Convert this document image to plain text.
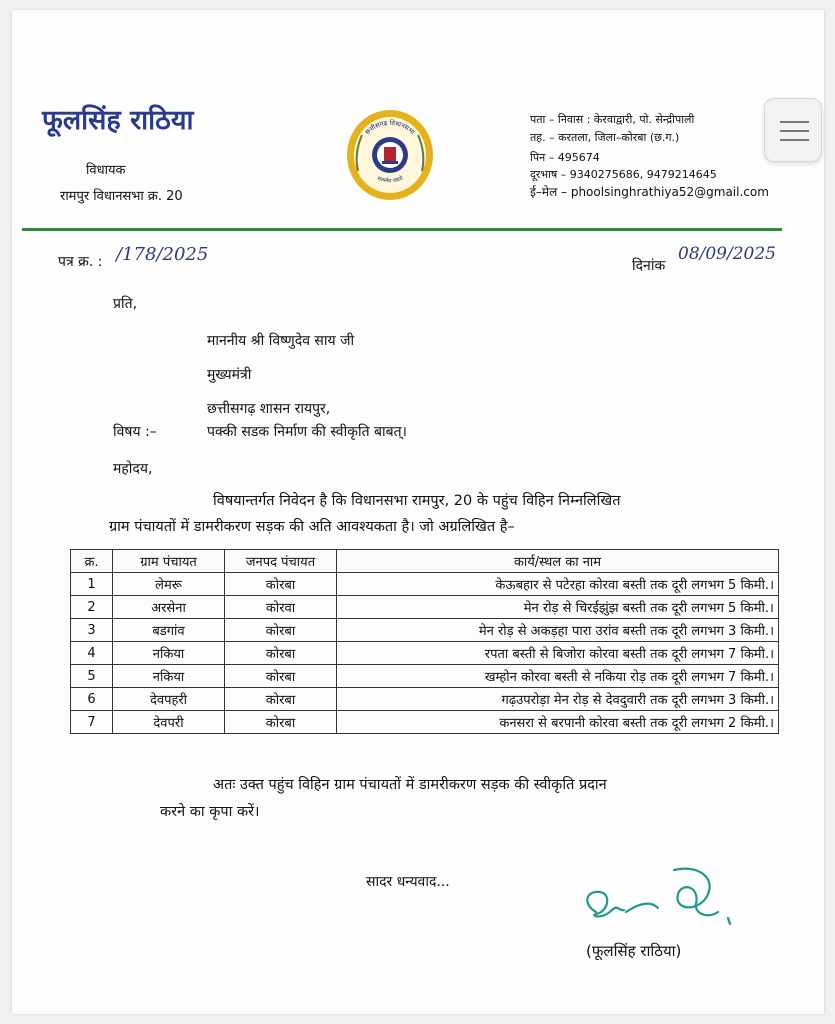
फूलसिंह राठिया
विधायक
रामपुर विधानसभा क्र. 20
छत्तीसगढ़ विधानसभा
सत्यमेव जयते
पता – निवास : केरवाद्वारी, पो. सेन्द्रीपाली
तह. – करतला, जिला–कोरबा (छ.ग.)
पिन – 495674
दूरभाष – 9340275686, 9479214645
ई–मेल – phoolsinghrathiya52@gmail.com
पत्र क्र. : /178/2025
दिनांक
08/09/2025
प्रति,
माननीय श्री विष्णुदेव साय जी
मुख्यमंत्री
छत्तीसगढ़ शासन रायपुर,
विषय :–	पक्की सडक निर्माण की स्वीकृति बाबत्।
महोदय,
विषयान्तर्गत निवेदन है कि विधानसभा रामपुर, 20 के पहुंच विहिन निम्नलिखित
ग्राम पंचायतों में डामरीकरण सड़क की अति आवश्यकता है। जो अग्रलिखित है–
क्र.	ग्राम पंचायत	जनपद पंचायत	कार्य/स्थल का नाम
1	लेमरू	कोरबा	केऊबहार से पटेरहा कोरवा बस्ती तक दूरी लगभग 5 किमी.।
2	अरसेना	कोरवा	मेन रोड़ से चिरईझुंझ बस्ती तक दूरी लगभग 5 किमी.।
3	बडगांव	कोरबा	मेन रोड़ से अकड़हा पारा उरांव बस्ती तक दूरी लगभग 3 किमी.।
4	नकिया	कोरबा	रपता बस्ती से बिजोरा कोरवा बस्ती तक दूरी लगभग 7 किमी.।
5	नकिया	कोरबा	खम्होन कोरवा बस्ती से नकिया रोड़ तक दूरी लगभग 7 किमी.।
6	देवपहरी	कोरबा	गढ़उपरोड़ा मेन रोड़ से देवदुवारी तक दूरी लगभग 3 किमी.।
7	देवपरी	कोरबा	कनसरा से बरपानी कोरवा बस्ती तक दूरी लगभग 2 किमी.।
अतः उक्त पहुंच विहिन ग्राम पंचायतों में डामरीकरण सड़क की स्वीकृति प्रदान
करने का कृपा करें।
सादर धन्यवाद...
(फूलसिंह राठिया)
